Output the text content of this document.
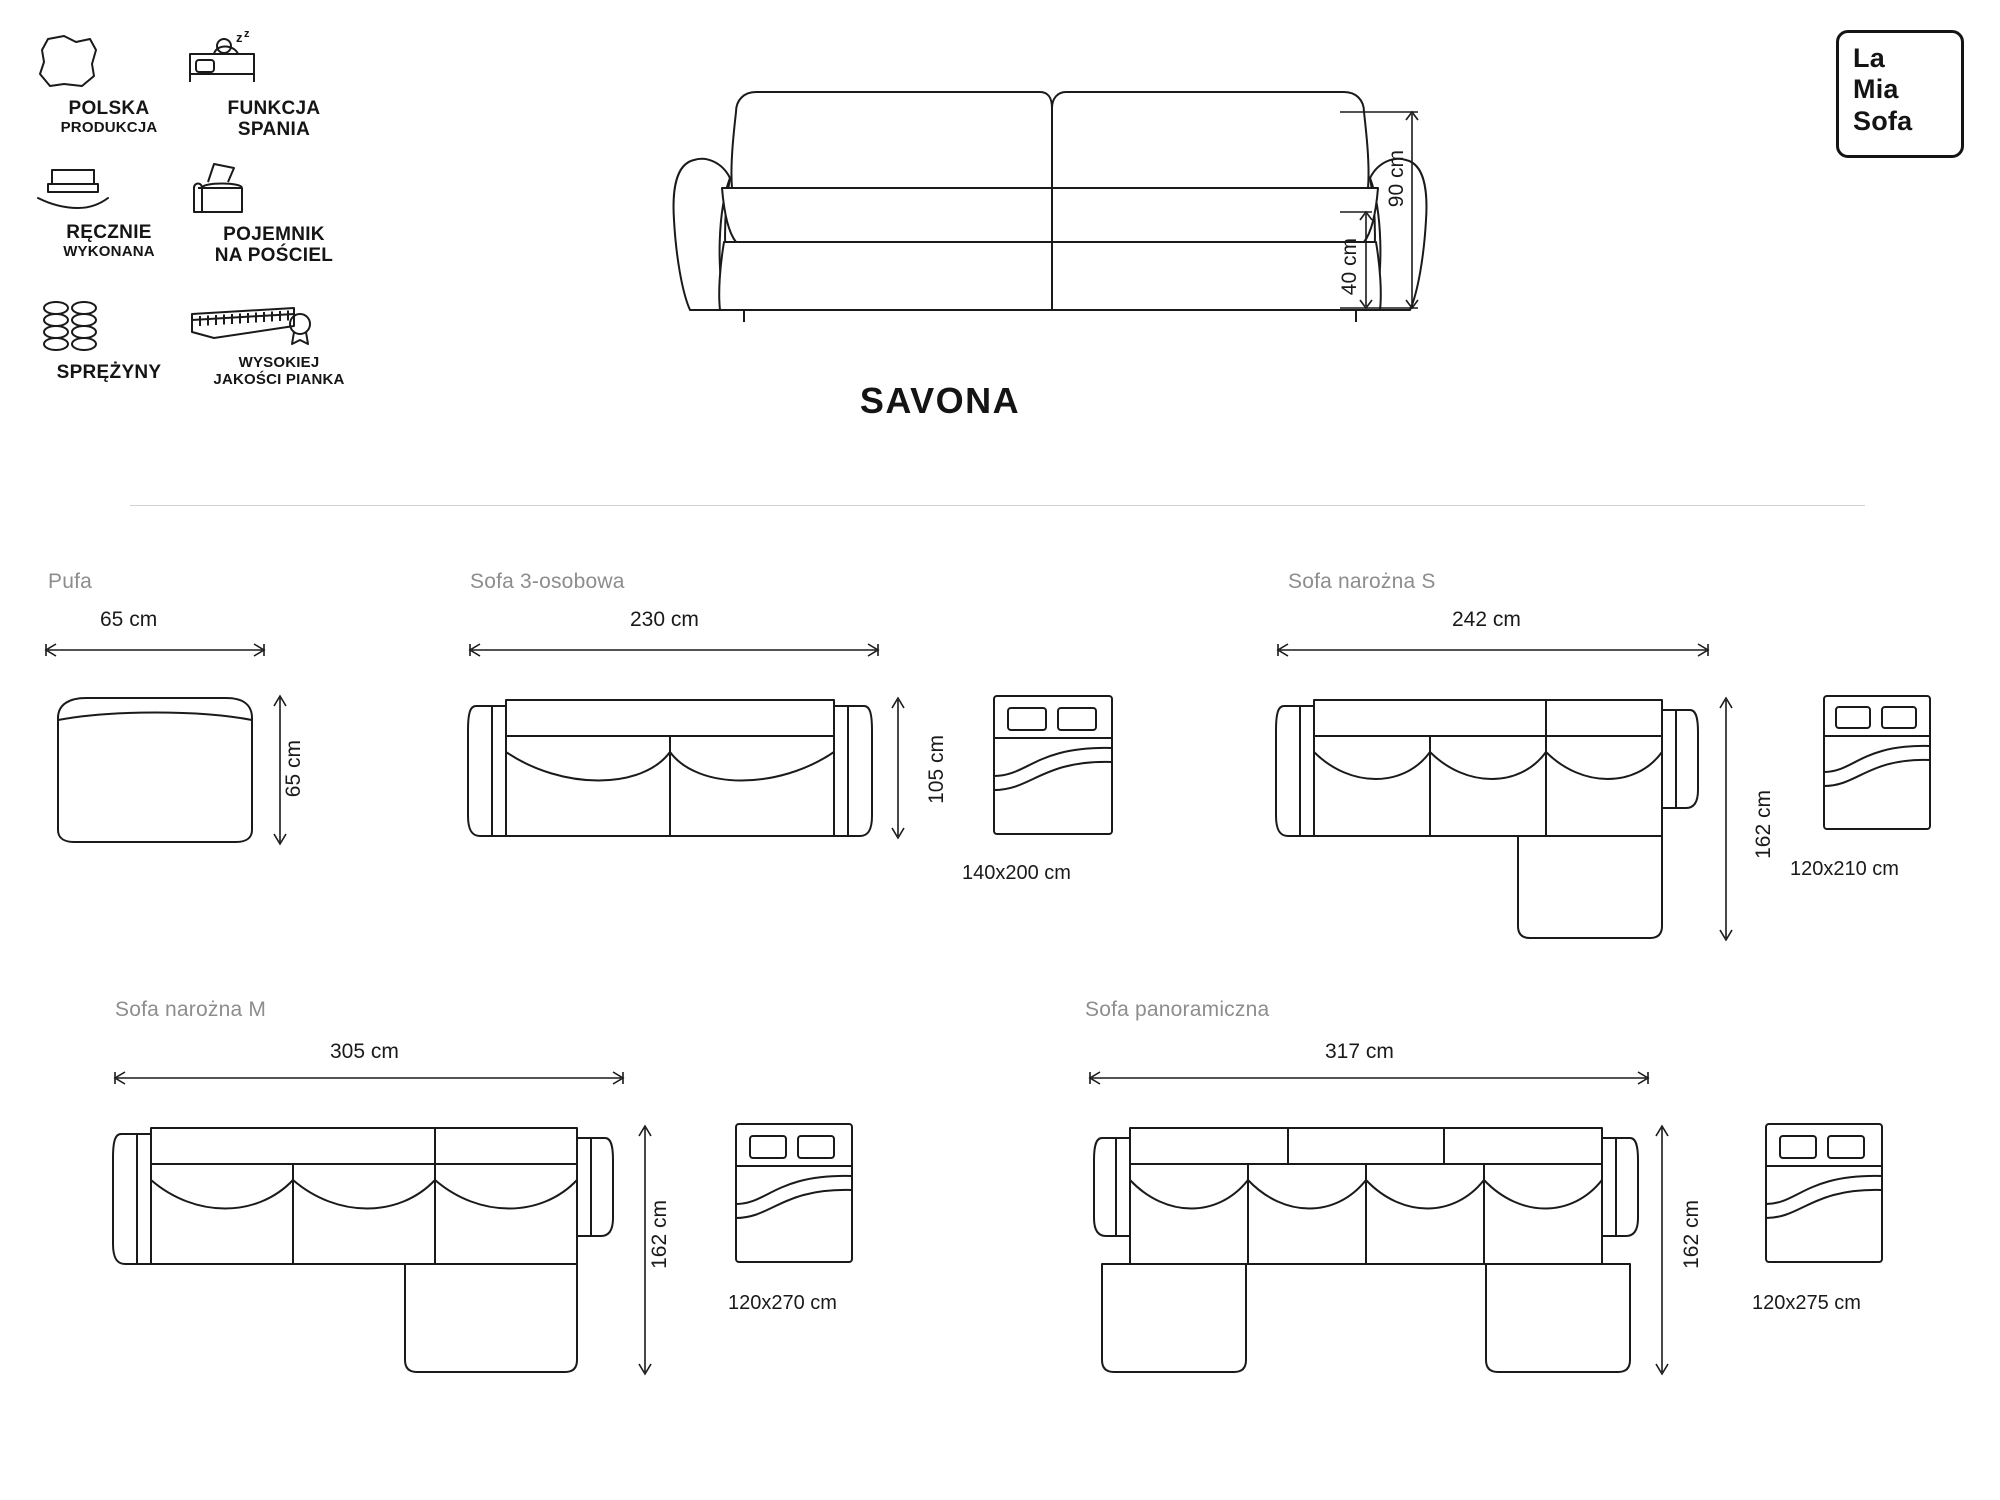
POLSKA
PRODUKCJA
z z
FUNKCJA
SPANIA
RĘCZNIE
WYKONANA
POJEMNIK
NA POŚCIEL
SPRĘŻYNY	WYSOKIEJ
JAKOŚCI PIANKA
90 cm
40 cm
SAVONA
La
Mia
Sofa
Pufa
65 cm
65 cm
Sofa 3-osobowa
230 cm
105 cm
140x200 cm
Sofa narożna S
242 cm
162 cm
120x210 cm
Sofa narożna M
305 cm
162 cm
120x270 cm
Sofa panoramiczna
317 cm
162 cm
120x275 cm
